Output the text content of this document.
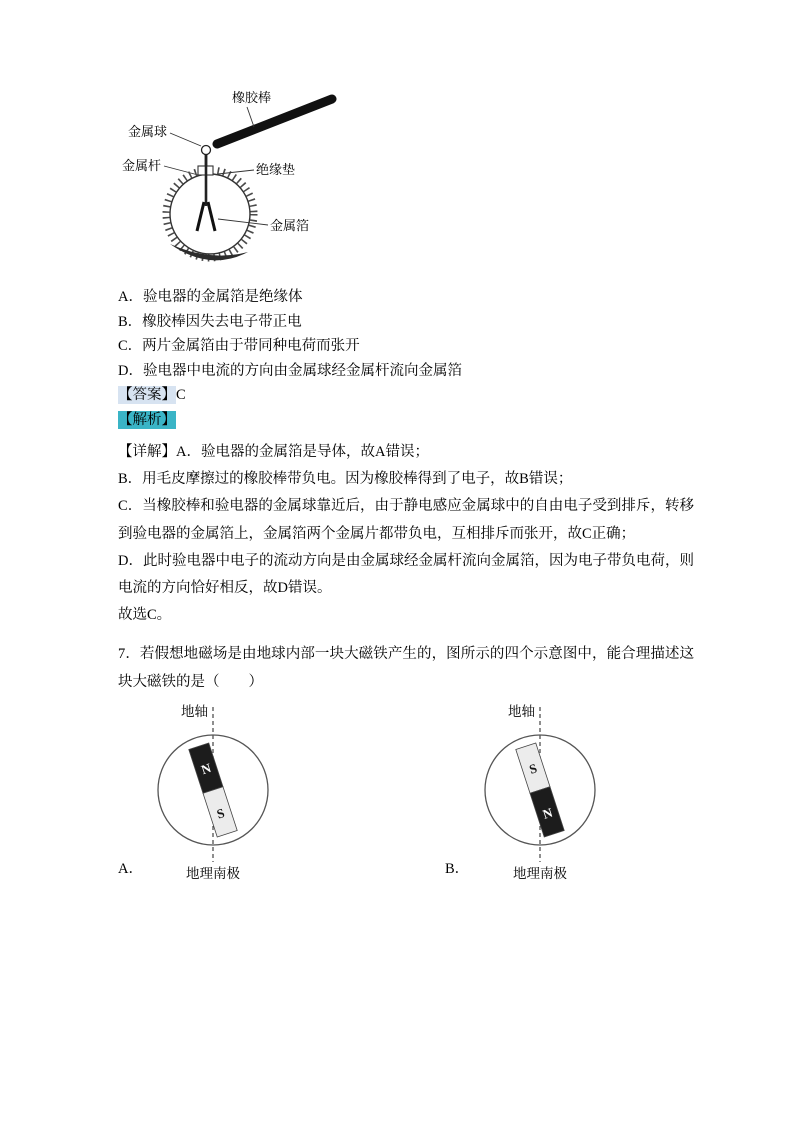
橡胶棒
金属球
金属杆	绝缘垫
金属箔
A．验电器的金属箔是绝缘体
B．橡胶棒因失去电子带正电
C．两片金属箔由于带同种电荷而张开
D．验电器中电流的方向由金属球经金属杆流向金属箔
【答案】C
【解析】

【详解】A．验电器的金属箔是导体，故A错误；

B．用毛皮摩擦过的橡胶棒带负电。因为橡胶棒得到了电子，故B错误；

C．当橡胶棒和验电器的金属球靠近后，由于静电感应金属球中的自由电子受到排斥，转移到验电器的金属箔上，金属箔两个金属片都带负电，互相排斥而张开，故C正确；

D．此时验电器中电子的流动方向是由金属球经金属杆流向金属箔，因为电子带负电荷，则电流的方向恰好相反，故D错误。

故选C。

7．若假想地磁场是由地球内部一块大磁铁产生的，图所示的四个示意图中，能合理描述这块大磁铁的是（　　）

地轴
N
S
地理南极
A．
地轴
S
N
地理南极
B．
